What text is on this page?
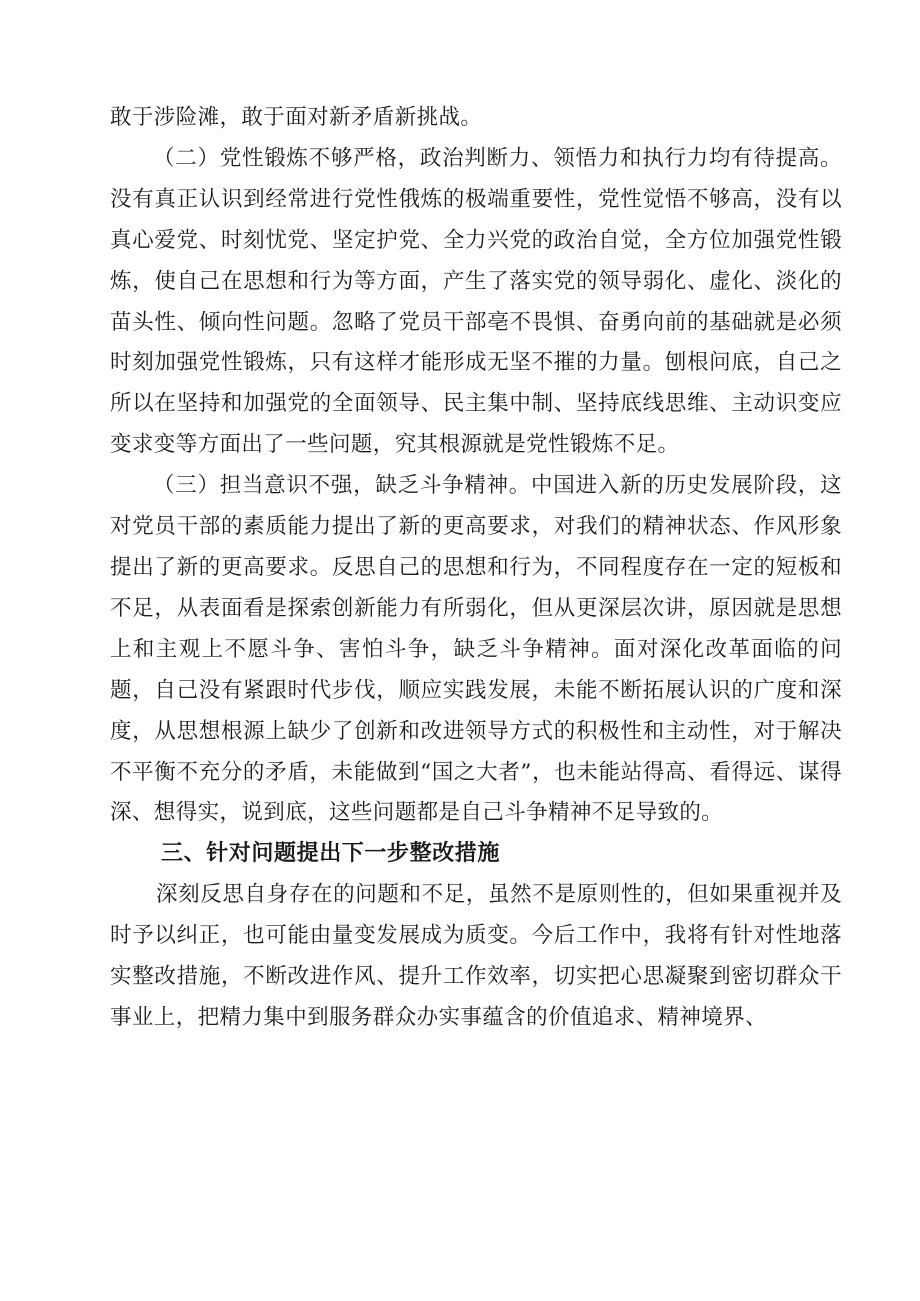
敢于涉险滩，敢于面对新矛盾新挑战。

（二）党性锻炼不够严格，政治判断力、领悟力和执行力均有待提高。没有真正认识到经常进行党性俄炼的极端重要性，党性觉悟不够高，没有以真心爱党、时刻忧党、坚定护党、全力兴党的政治自觉，全方位加强党性锻炼，使自己在思想和行为等方面，产生了落实党的领导弱化、虚化、淡化的苗头性、倾向性问题。忽略了党员干部亳不畏惧、奋勇向前的基础就是必须时刻加强党性锻炼，只有这样才能形成无坚不摧的力量。刨根问底，自己之所以在坚持和加强党的全面领导、民主集中制、坚持底线思维、主动识变应变求变等方面出了一些问题，究其根源就是党性锻炼不足。

（三）担当意识不强，缺乏斗争精神。中国进入新的历史发展阶段，这对党员干部的素质能力提出了新的更高要求，对我们的精神状态、作风形象提出了新的更高要求。反思自己的思想和行为，不同程度存在一定的短板和不足，从表面看是探索创新能力有所弱化，但从更深层次讲，原因就是思想上和主观上不愿斗争、害怕斗争，缺乏斗争精神。面对深化改革面临的问题，自己没有紧跟时代步伐，顺应实践发展，未能不断拓展认识的广度和深度，从思想根源上缺少了创新和改进领导方式的积极性和主动性，对于解决不平衡不充分的矛盾，未能做到“国之大者”，也未能站得高、看得远、谋得深、想得实，说到底，这些问题都是自己斗争精神不足导致的。

三、针对问题提出下一步整改措施

深刻反思自身存在的问题和不足，虽然不是原则性的，但如果重视并及时予以纠正，也可能由量变发展成为质变。今后工作中，我将有针对性地落实整改措施，不断改进作风、提升工作效率，切实把心思凝聚到密切群众干事业上，把精力集中到服务群众办实事蕴含的价值追求、精神境界、
